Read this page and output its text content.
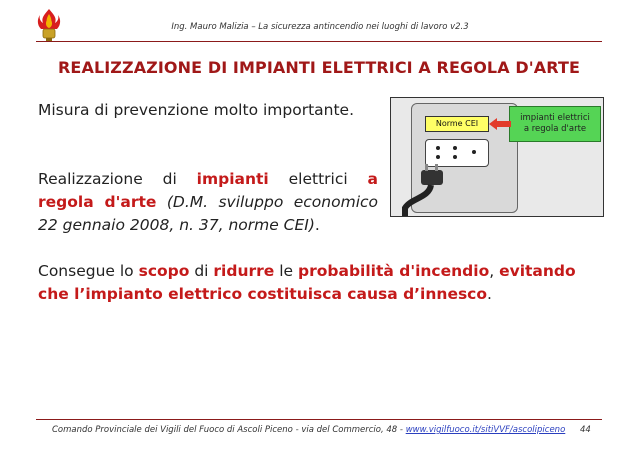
Ing. Mauro Malizia – La sicurezza antincendio nei luoghi di lavoro v2.3
REALIZZAZIONE DI IMPIANTI ELETTRICI A REGOLA D'ARTE
Misura di prevenzione molto importante.
Realizzazione di impianti elettrici a regola d'arte (D.M. sviluppo economico 22 gennaio 2008, n. 37, norme CEI).
Consegue lo scopo di ridurre le probabilità d'incendio, evitando che l’impianto elettrico costituisca causa d’innesco.
Norme CEI
impianti elettrici
a regola d'arte
Comando Provinciale dei Vigili del Fuoco di Ascoli Piceno - via del Commercio, 48 - www.vigilfuoco.it/sitiVVF/ascolipiceno 44
